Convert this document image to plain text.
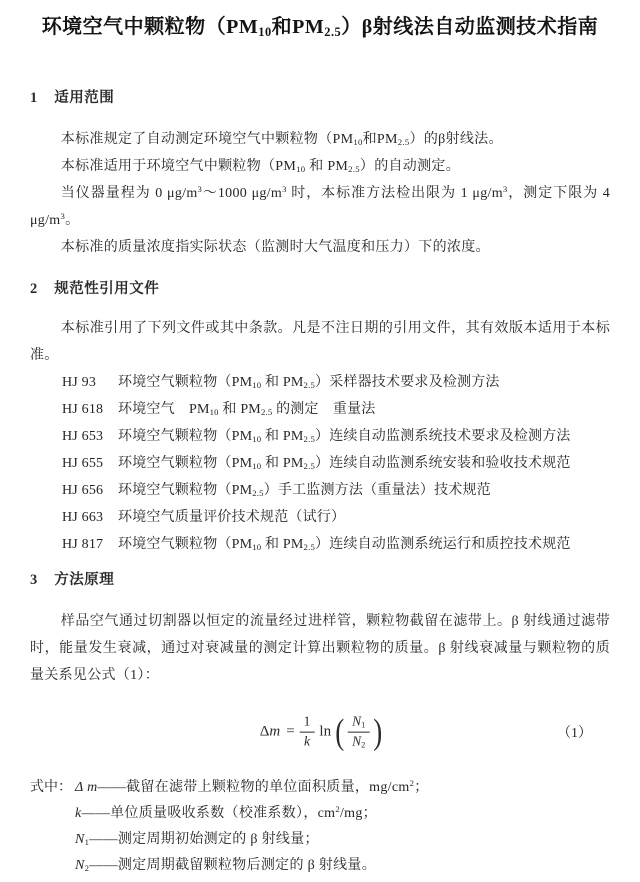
环境空气中颗粒物（$PM_{10}$和$PM_{2.5})\beta$射线法自动监测技术指南
1 适用范围

本标准规定了自动测定环境空气中颗粒物（$PM_{10}$和$PM_{2.5}$）的β射线法。

本标准适用于环境空气中颗粒物（$PM_{10}$ 和 $PM_{2.5}$）的自动测定。

当仪器量程为 0 $\mu g/m^3\sim 1000$ $\mu g/m^3$ 时，本标准方法检出限为 1 $\mu g/m^3$，测定下限为 4 $\mu g/m^3$。

本标准的质量浓度指实际状态（监测时大气温度和压力）下的浓度。

2 规范性引用文件

本标准引用了下列文件或其中条款。凡是不注日期的引用文件，其有效版本适用于本标准。

HJ 93	环境空气颗粒物（$PM_{10}$ 和 $PM_{2.5}$）采样器技术要求及检测方法

HJ 618	环境空气　$PM_{10}$ 和 $PM_{2.5}$ 的测定　重量法

HJ 653	环境空气颗粒物（$PM_{10}$ 和 $PM_{2.5}$）连续自动监测系统技术要求及检测方法

HJ 655	环境空气颗粒物（$PM_{10}$ 和 $PM_{2.5}$）连续自动监测系统安装和验收技术规范

HJ 656	环境空气颗粒物$(PM_{2.5})$手工监测方法（重量法）技术规范

HJ 663	环境空气质量评价技术规范（试行）

HJ 817	环境空气颗粒物（$PM_{10}$ 和 $PM_{2.5}$）连续自动监测系统运行和质控技术规范

3 方法原理

样品空气通过切割器以恒定的流量经过进样管，颗粒物截留在滤带上。β 射线通过滤带时，能量发生衰减，通过对衰减量的测定计算出颗粒物的质量。β 射线衰减量与颗粒物的质量关系见公式（1）：

$\Delta m = \frac{1}{k}$ ln ( $\frac{N_1}{N_2}$ )	（1）
式中： Δ m——截留在滤带上颗粒物的单位面积质量，$mg/cm^2$；

k——单位质量吸收系数（校准系数），$cm^2/mg$；

$N_1——$测定周期初始测定的 β 射线量；

$N_2——$测定周期截留颗粒物后测定的 β 射线量。
